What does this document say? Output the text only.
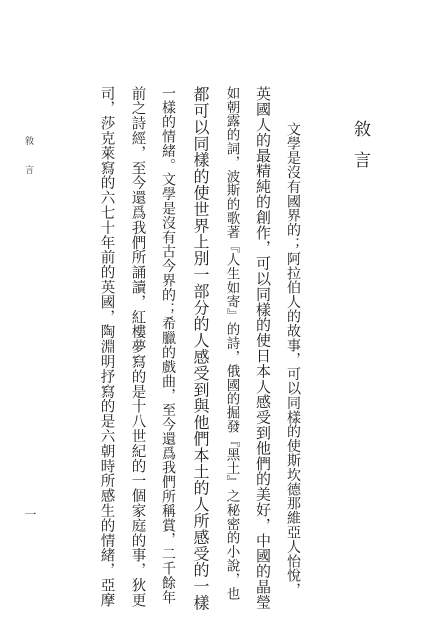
敘言
文學是沒有國界的；阿拉伯人的故事，可以同樣的使斯坎德那維亞人怡悅，
英國人的最精純的創作，可以同樣的使日本人感受到他們的美好，中國的晶瑩
如朝露的詞，波斯的歌著『人生如寄』的詩，俄國的掘發『黑土』之秘密的小說，也
都可以同樣的使世界上別一部分的人感受到與他們本土的人所感受的一樣
一樣的情緒。文學是沒有古今界的；希臘的戲曲，至今還爲我們所稱賞，二千餘年
前之詩經，至今還爲我們所誦讀，紅樓夢寫的是十八世紀的一個家庭的事，狄更
司，莎克萊寫的六七十年前的英國，陶淵明抒寫的是六朝時所感生的情緒，亞摩
敘言
一
